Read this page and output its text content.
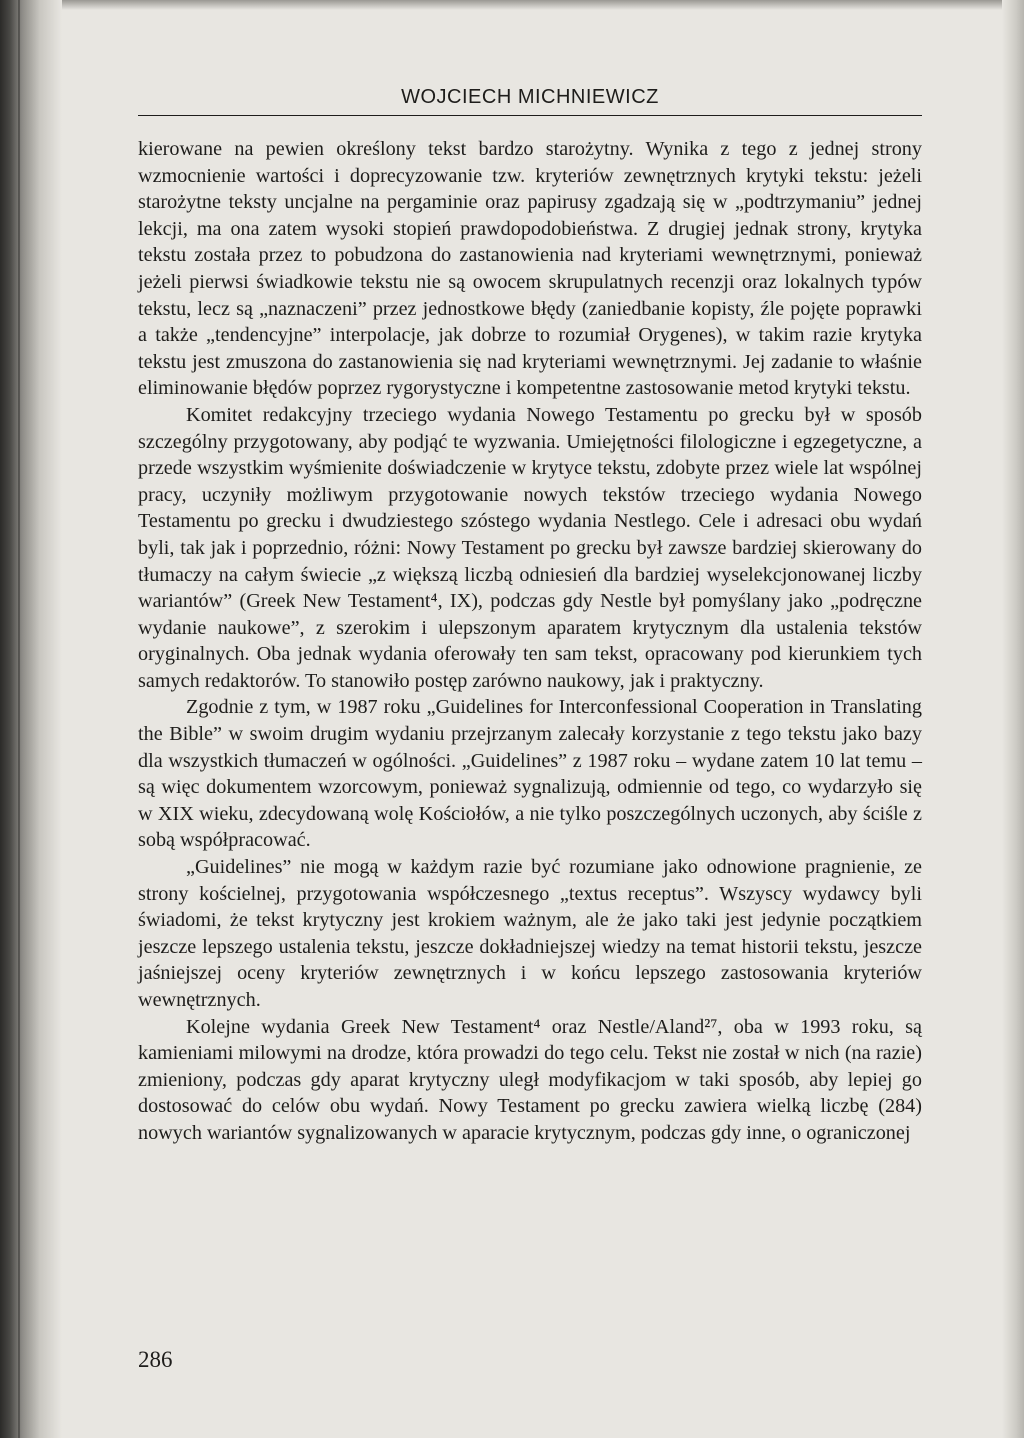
WOJCIECH MICHNIEWICZ

kierowane na pewien określony tekst bardzo starożytny. Wynika z tego z jednej strony wzmocnienie wartości i doprecyzowanie tzw. kryteriów zewnętrznych krytyki tekstu: jeżeli starożytne teksty uncjalne na pergaminie oraz papirusy zgadzają się w „podtrzymaniu” jednej lekcji, ma ona zatem wysoki stopień prawdopodobieństwa. Z drugiej jednak strony, krytyka tekstu została przez to pobudzona do zastanowienia nad kryteriami wewnętrznymi, ponieważ jeżeli pierwsi świadkowie tekstu nie są owocem skrupulatnych recenzji oraz lokalnych typów tekstu, lecz są „naznaczeni” przez jednostkowe błędy (zaniedbanie kopisty, źle pojęte poprawki a także „tendencyjne” interpolacje, jak dobrze to rozumiał Orygenes), w takim razie krytyka tekstu jest zmuszona do zastanowienia się nad kryteriami wewnętrznymi. Jej zadanie to właśnie eliminowanie błędów poprzez rygorystyczne i kompetentne zastosowanie metod krytyki tekstu.

Komitet redakcyjny trzeciego wydania Nowego Testamentu po grecku był w sposób szczególny przygotowany, aby podjąć te wyzwania. Umiejętności filologiczne i egzegetyczne, a przede wszystkim wyśmienite doświadczenie w krytyce tekstu, zdobyte przez wiele lat wspólnej pracy, uczyniły możliwym przygotowanie nowych tekstów trzeciego wydania Nowego Testamentu po grecku i dwudziestego szóstego wydania Nestlego. Cele i adresaci obu wydań byli, tak jak i poprzednio, różni: Nowy Testament po grecku był zawsze bardziej skierowany do tłumaczy na całym świecie „z większą liczbą odniesień dla bardziej wyselekcjonowanej liczby wariantów” (Greek New Testament⁴, IX), podczas gdy Nestle był pomyślany jako „podręczne wydanie naukowe”, z szerokim i ulepszonym aparatem krytycznym dla ustalenia tekstów oryginalnych. Oba jednak wydania oferowały ten sam tekst, opracowany pod kierunkiem tych samych redaktorów. To stanowiło postęp zarówno naukowy, jak i praktyczny.

Zgodnie z tym, w 1987 roku „Guidelines for Interconfessional Cooperation in Translating the Bible” w swoim drugim wydaniu przejrzanym zalecały korzystanie z tego tekstu jako bazy dla wszystkich tłumaczeń w ogólności. „Guidelines” z 1987 roku – wydane zatem 10 lat temu – są więc dokumentem wzorcowym, ponieważ sygnalizują, odmiennie od tego, co wydarzyło się w XIX wieku, zdecydowaną wolę Kościołów, a nie tylko poszczególnych uczonych, aby ściśle z sobą współpracować.

„Guidelines” nie mogą w każdym razie być rozumiane jako odnowione pragnienie, ze strony kościelnej, przygotowania współczesnego „textus receptus”. Wszyscy wydawcy byli świadomi, że tekst krytyczny jest krokiem ważnym, ale że jako taki jest jedynie początkiem jeszcze lepszego ustalenia tekstu, jeszcze dokładniejszej wiedzy na temat historii tekstu, jeszcze jaśniejszej oceny kryteriów zewnętrznych i w końcu lepszego zastosowania kryteriów wewnętrznych.

Kolejne wydania Greek New Testament⁴ oraz Nestle/Aland²⁷, oba w 1993 roku, są kamieniami milowymi na drodze, która prowadzi do tego celu. Tekst nie został w nich (na razie) zmieniony, podczas gdy aparat krytyczny uległ modyfikacjom w taki sposób, aby lepiej go dostosować do celów obu wydań. Nowy Testament po grecku zawiera wielką liczbę (284) nowych wariantów sygnalizowanych w aparacie krytycznym, podczas gdy inne, o ograniczonej

286
